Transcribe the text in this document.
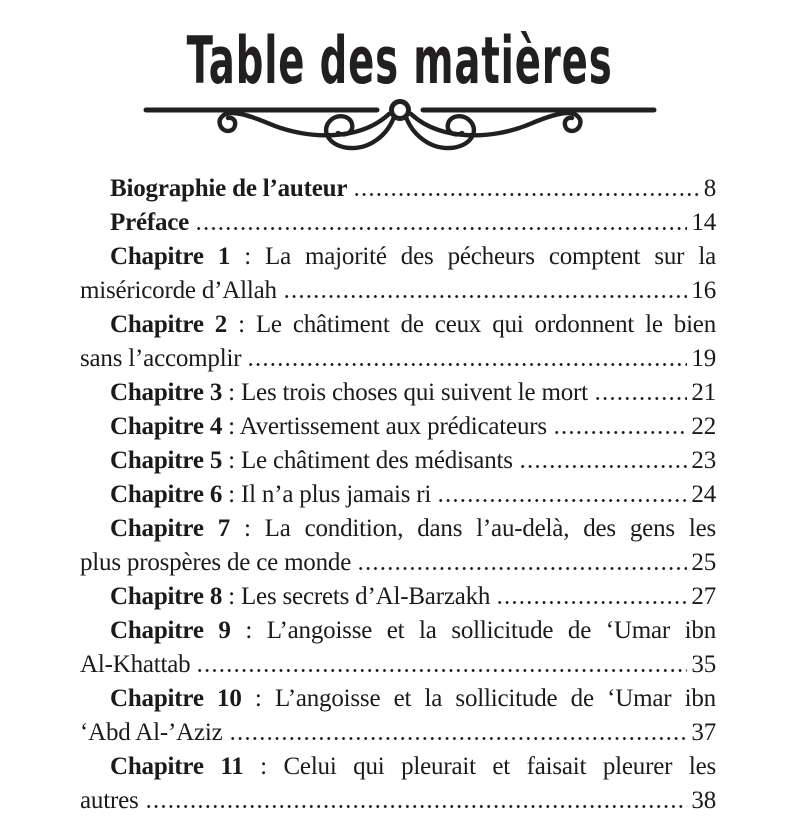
Table des matières
Biographie de l’auteur	8
Préface	14
Chapitre 1 : La majorité des pécheurs comptent sur la
miséricorde d’Allah	16
Chapitre 2 : Le châtiment de ceux qui ordonnent le bien
sans l’accomplir	19
Chapitre 3 : Les trois choses qui suivent le mort	21
Chapitre 4 : Avertissement aux prédicateurs	22
Chapitre 5 : Le châtiment des médisants	23
Chapitre 6 : Il n’a plus jamais ri	24
Chapitre 7 : La condition, dans l’au-delà, des gens les
plus prospères de ce monde	25
Chapitre 8 : Les secrets d’Al-Barzakh	27
Chapitre 9 : L’angoisse et la sollicitude de ‘Umar ibn
Al-Khattab	35
Chapitre 10 : L’angoisse et la sollicitude de ‘Umar ibn
‘Abd Al-’Aziz	37
Chapitre 11 : Celui qui pleurait et faisait pleurer les
autres	38
